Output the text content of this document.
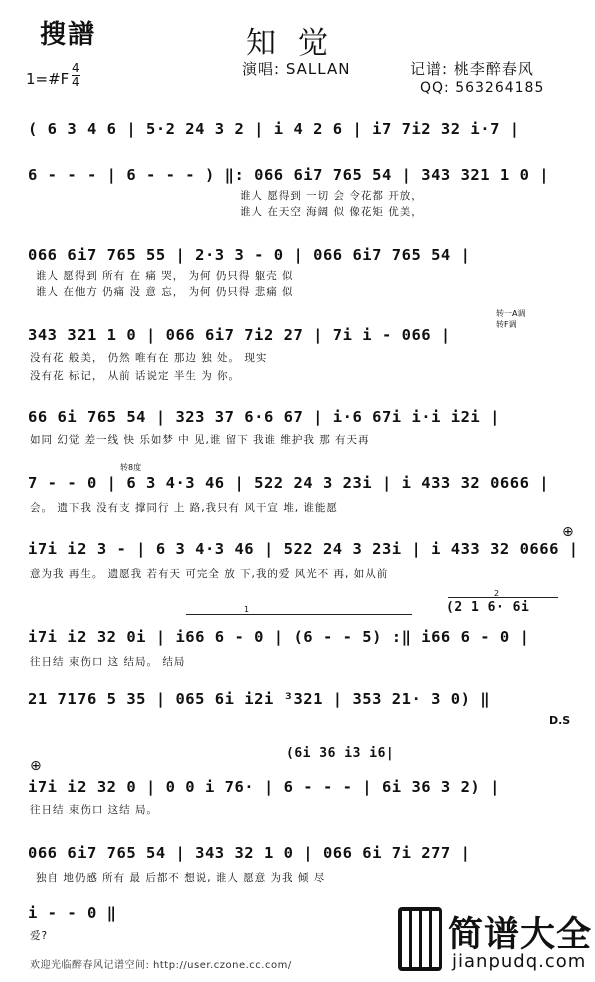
搜譜	知觉
1=#F
4
4
演唱: SALLAN	记谱: 桃李醉春风
QQ: 563264185
( 6 3 4 6 | 5·2 24 3 2 | i 4 2 6 | i7 7i2 32 i·7 |
6 - - - | 6 - - - ) ‖: 066 6i7 765 54 | 343 321 1 0 |
谁人 愿得到 一切 会 令花都 开放，
谁人 在天空 海阔 似 像花矩 优美，
066 6i7 765 55 | 2·3 3 - 0 | 066 6i7 765 54 |
谁人 愿得到 所有 在 痛 哭， 为何 仍只得 躯壳 似
谁人 在他方 仍痛 没 意 忘， 为何 仍只得 悲痛 似
343 321 1 0 | 066 6i7 7i2 27 | 7i i - 066 |
没有花 般美， 仍然 唯有在 那边 独 处。 现实
没有花 标记， 从前 话说定 半生 为 你。
转一A调
转F调
66 6i 765 54 | 323 37 6·6 67 | i·6 67i i·i i2i |
如同 幻觉 差一线 快 乐如梦 中 见,谁 留下 我谁 维护我 那 有天再
转8度
7 - - 0 | 6 3 4·3 46 | 522 24 3 23i | i 433 32 0666 |
会。 遗下我 没有支 撑同行 上 路,我只有 风干宣 堆, 谁能愿
i7i i2 3 - | 6 3 4·3 46 | 522 24 3 23i | i 433 32 0666 |
意为我 再生。 遗愿我 若有天 可完全 放 下,我的爱 风光不 再, 如从前
⊕
1
2
(2 1 6· 6i
i7i i2 32 0i | i66 6 - 0 | (6 - - 5) :‖ i66 6 - 0 |
往日结 束伤口 这 结局。 结局
21 7176 5 35 | 065 6i i2i ³321 | 353 21· 3 0) ‖
D.S
(6i 36 i3 i6|
⊕
i7i i2 32 0 | 0 0 i 76· | 6 - - - | 6i 36 3 2) |
往日结 束伤口 这结 局。
066 6i7 765 54 | 343 32 1 0 | 066 6i 7i 277 |
独自 地仍感 所有 最 后都不 想说, 谁人 愿意 为我 倾 尽
i - - 0 ‖
爱?
欢迎光临醉春风记谱空间: http://user.czone.cc.com/
简谱大全
jianpudq.com
